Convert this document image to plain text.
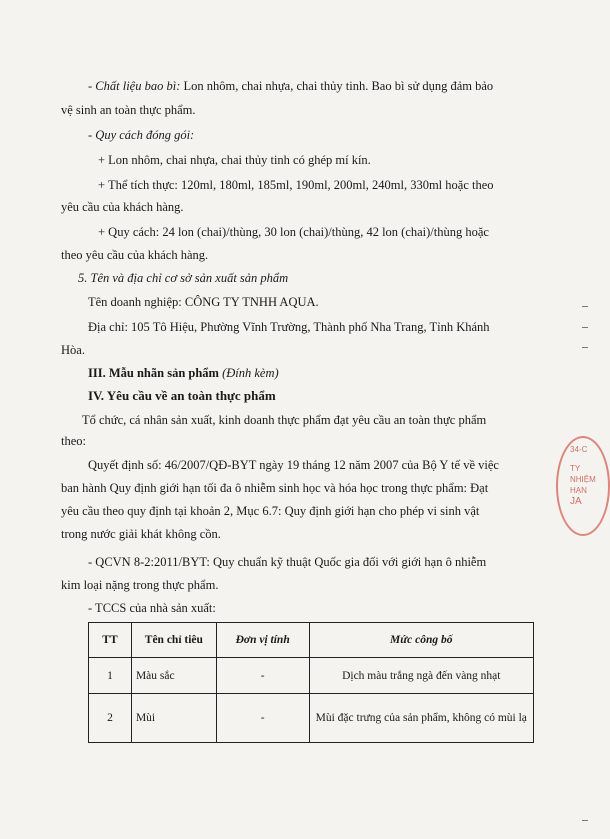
- Chất liệu bao bì: Lon nhôm, chai nhựa, chai thủy tinh. Bao bì sử dụng đảm bảo
vệ sinh an toàn thực phẩm.
- Quy cách đóng gói:
+ Lon nhôm, chai nhựa, chai thủy tinh có ghép mí kín.
+ Thể tích thực: 120ml, 180ml, 185ml, 190ml, 200ml, 240ml, 330ml hoặc theo
yêu cầu của khách hàng.
+ Quy cách: 24 lon (chai)/thùng, 30 lon (chai)/thùng, 42 lon (chai)/thùng hoặc
theo yêu cầu của khách hàng.
5. Tên và địa chỉ cơ sở sản xuất sản phẩm
Tên doanh nghiệp: CÔNG TY TNHH AQUA.
Địa chỉ: 105 Tô Hiệu, Phường Vĩnh Trường, Thành phố Nha Trang, Tỉnh Khánh
Hòa.
III. Mẫu nhãn sản phẩm (Đính kèm)
IV. Yêu cầu về an toàn thực phẩm
Tổ chức, cá nhân sản xuất, kinh doanh thực phẩm đạt yêu cầu an toàn thực phẩm
theo:
Quyết định số: 46/2007/QĐ-BYT ngày 19 tháng 12 năm 2007 của Bộ Y tế về việc
ban hành Quy định giới hạn tối đa ô nhiễm sinh học và hóa học trong thực phẩm: Đạt
yêu cầu theo quy định tại khoản 2, Mục 6.7: Quy định giới hạn cho phép vi sinh vật
trong nước giải khát không cồn.
- QCVN 8-2:2011/BYT: Quy chuẩn kỹ thuật Quốc gia đối với giới hạn ô nhiễm
kim loại nặng trong thực phẩm.
- TCCS của nhà sản xuất:
TT	Tên chỉ tiêu	Đơn vị tính	Mức công bố
1	Màu sắc	-	Dịch màu trắng ngà đến vàng nhạt
2	Mùi	-	Mùi đặc trưng của sản phẩm, không có mùi lạ
34-C
TY
NHIỆM
HẠN
JA
